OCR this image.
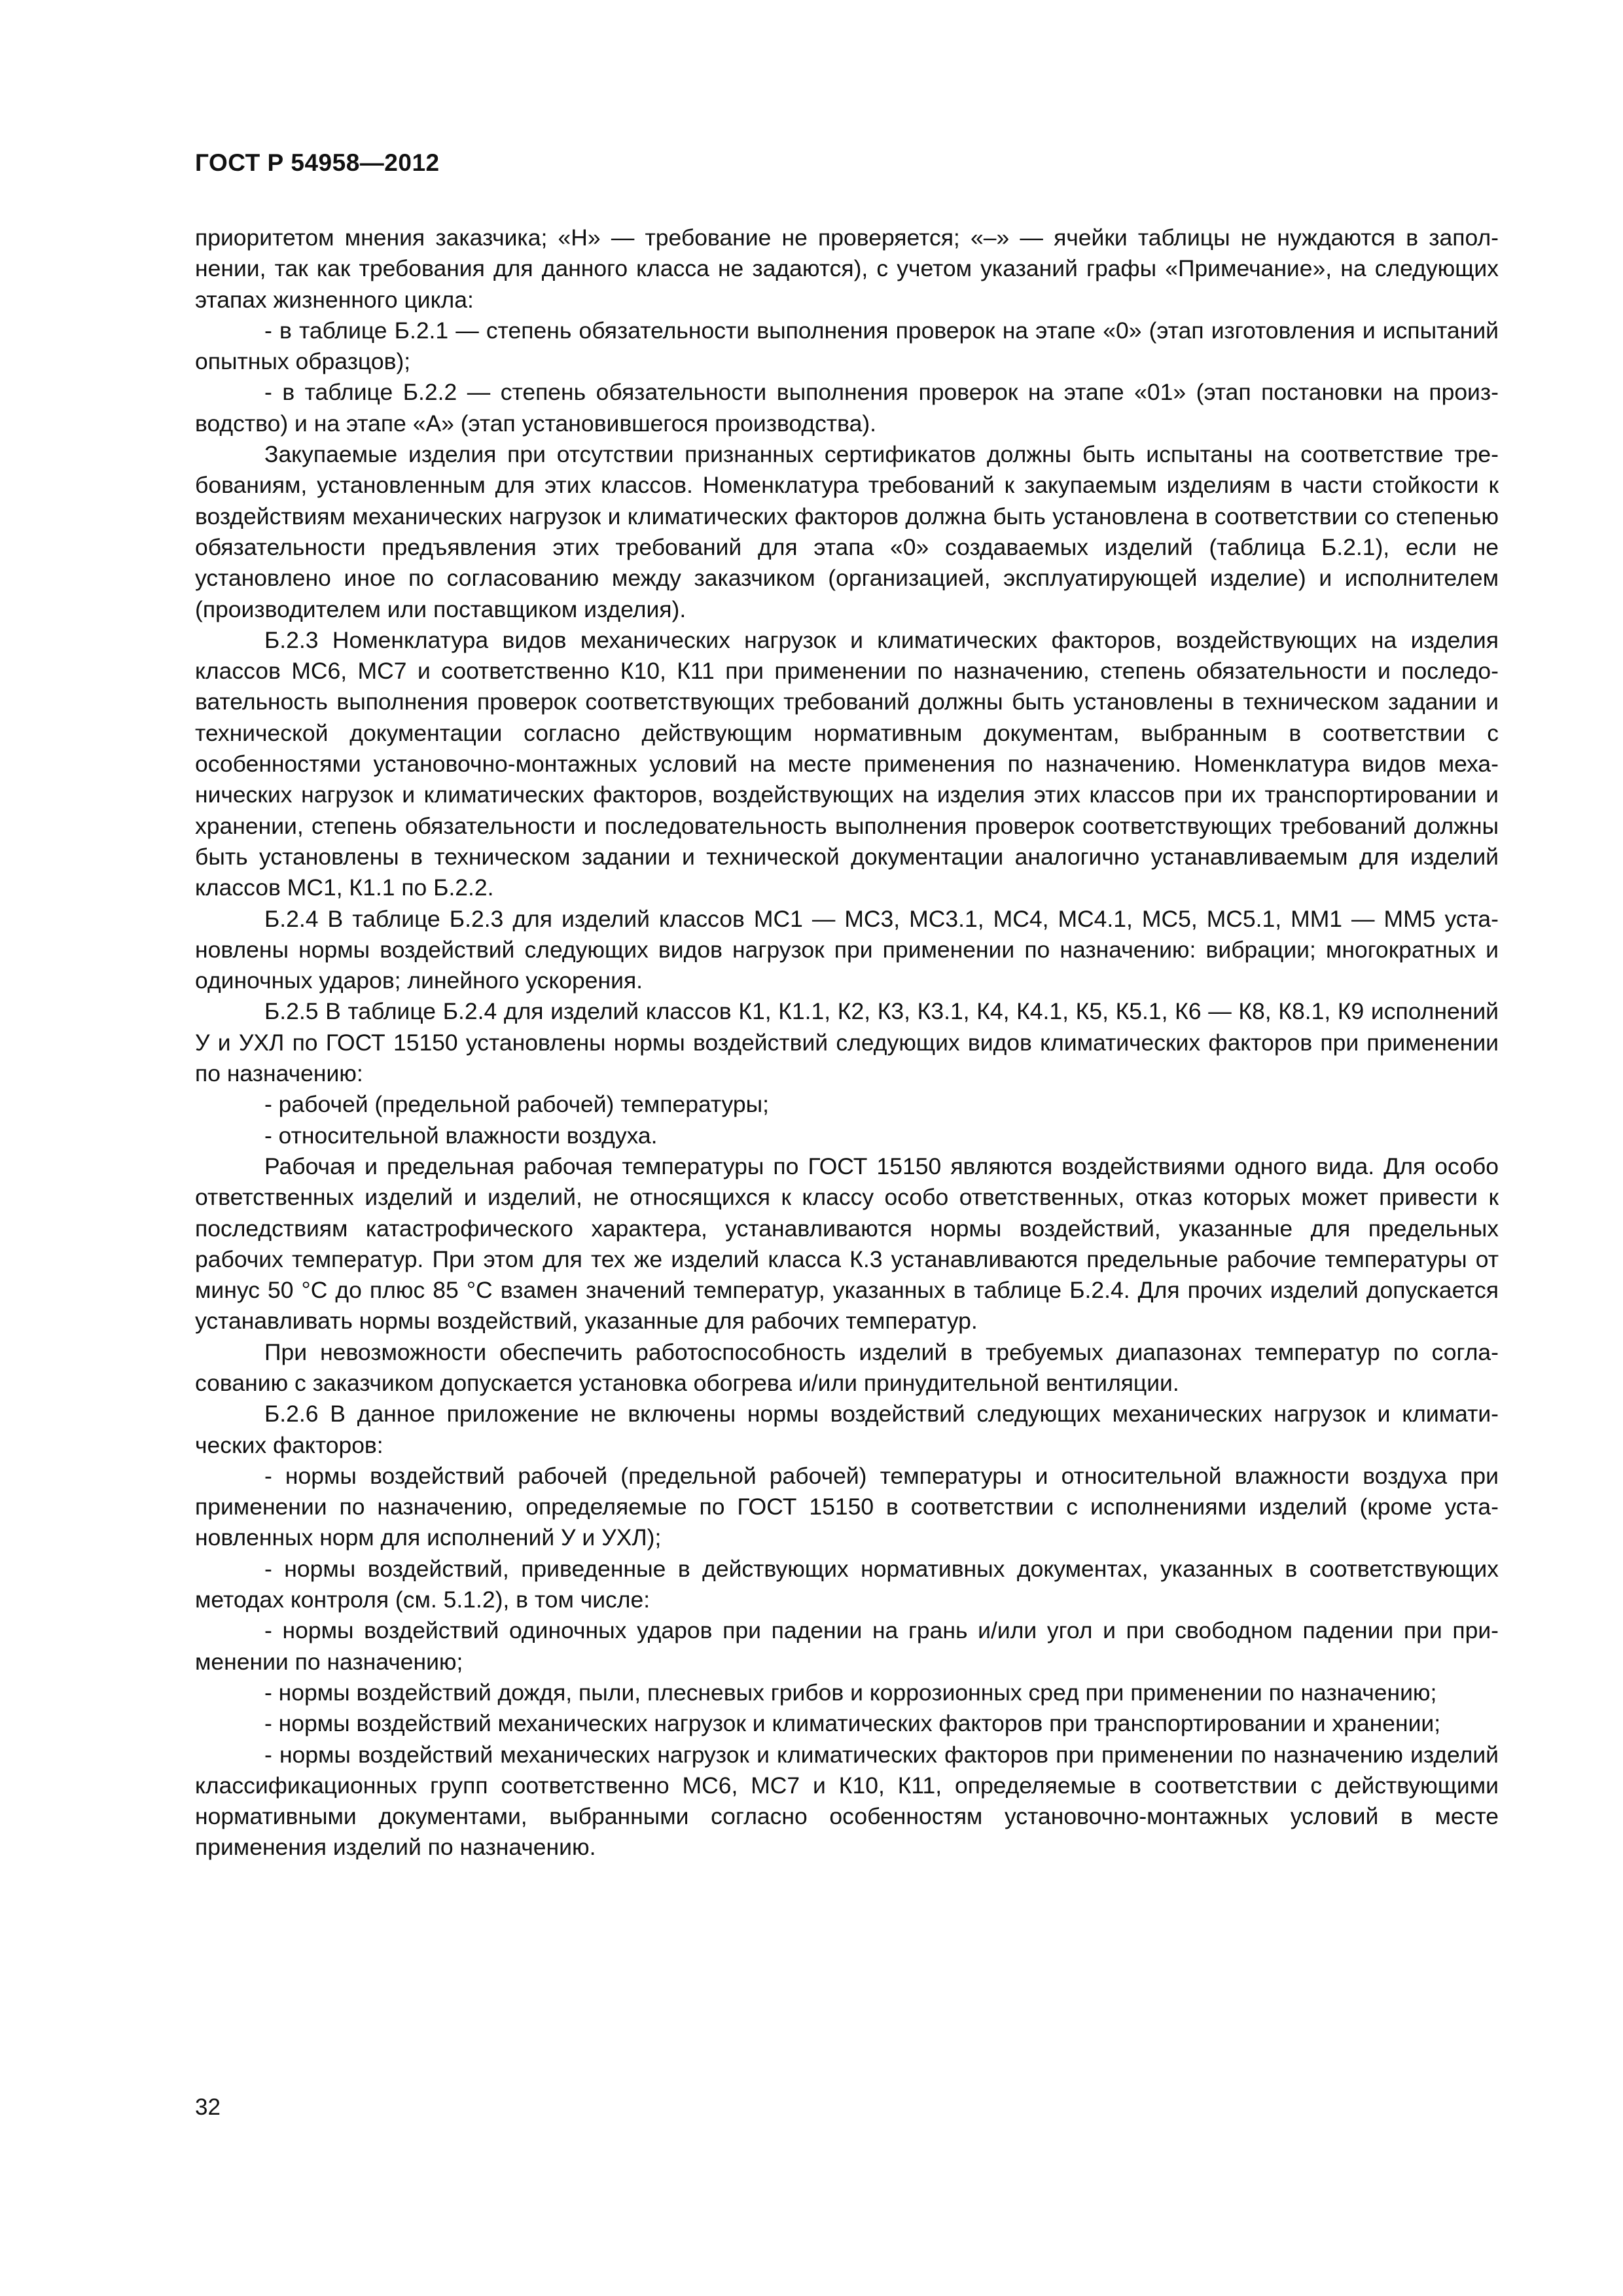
ГОСТ Р 54958—2012

приоритетом мнения заказчика; «Н» — требование не проверяется; «–» — ячейки таблицы не нуждаются в заполнении, так как требования для данного класса не задаются), с учетом указаний графы «Примечание», на следующих этапах жизненного цикла:

- в таблице Б.2.1 — степень обязательности выполнения проверок на этапе «0» (этап изготовления и испытаний опытных образцов);

- в таблице Б.2.2 — степень обязательности выполнения проверок на этапе «01» (этап постановки на производство) и на этапе «А» (этап установившегося производства).

Закупаемые изделия при отсутствии признанных сертификатов должны быть испытаны на соответствие требованиям, установленным для этих классов. Номенклатура требований к закупаемым изделиям в части стойкости к воздействиям механических нагрузок и климатических факторов должна быть установлена в соответствии со степенью обязательности предъявления этих требований для этапа «0» создаваемых изделий (таблица Б.2.1), если не установлено иное по согласованию между заказчиком (организацией, эксплуатирующей изделие) и исполнителем (производителем или поставщиком изделия).

Б.2.3 Номенклатура видов механических нагрузок и климатических факторов, воздействующих на изделия классов МС6, МС7 и соответственно К10, К11 при применении по назначению, степень обязательности и последовательность выполнения проверок соответствующих требований должны быть установлены в техническом задании и технической документации согласно действующим нормативным документам, выбранным в соответствии с особенностями установочно-монтажных условий на месте применения по назначению. Номенклатура видов механических нагрузок и климатических факторов, воздействующих на изделия этих классов при их транспортировании и хранении, степень обязательности и последовательность выполнения проверок соответствующих требований должны быть установлены в техническом задании и технической документации аналогично устанавливаемым для изделий классов МС1, К1.1 по Б.2.2.

Б.2.4 В таблице Б.2.3 для изделий классов МС1 — МС3, МС3.1, МС4, МС4.1, МС5, МС5.1, ММ1 — ММ5 установлены нормы воздействий следующих видов нагрузок при применении по назначению: вибрации; многократных и одиночных ударов; линейного ускорения.

Б.2.5 В таблице Б.2.4 для изделий классов К1, К1.1, К2, К3, К3.1, К4, К4.1, К5, К5.1, К6 — К8, К8.1, К9 исполнений У и УХЛ по ГОСТ 15150 установлены нормы воздействий следующих видов климатических факторов при применении по назначению:

- рабочей (предельной рабочей) температуры;

- относительной влажности воздуха.

Рабочая и предельная рабочая температуры по ГОСТ 15150 являются воздействиями одного вида. Для особо ответственных изделий и изделий, не относящихся к классу особо ответственных, отказ которых может привести к последствиям катастрофического характера, устанавливаются нормы воздействий, указанные для предельных рабочих температур. При этом для тех же изделий класса К.3 устанавливаются предельные рабочие температуры от минус 50 °С до плюс 85 °С взамен значений температур, указанных в таблице Б.2.4. Для прочих изделий допускается устанавливать нормы воздействий, указанные для рабочих температур.

При невозможности обеспечить работоспособность изделий в требуемых диапазонах температур по согласованию с заказчиком допускается установка обогрева и/или принудительной вентиляции.

Б.2.6 В данное приложение не включены нормы воздействий следующих механических нагрузок и климатических факторов:

- нормы воздействий рабочей (предельной рабочей) температуры и относительной влажности воздуха при применении по назначению, определяемые по ГОСТ 15150 в соответствии с исполнениями изделий (кроме установленных норм для исполнений У и УХЛ);

- нормы воздействий, приведенные в действующих нормативных документах, указанных в соответствующих методах контроля (см. 5.1.2), в том числе:

- нормы воздействий одиночных ударов при падении на грань и/или угол и при свободном падении при применении по назначению;

- нормы воздействий дождя, пыли, плесневых грибов и коррозионных сред при применении по назначению;

- нормы воздействий механических нагрузок и климатических факторов при транспортировании и хранении;

- нормы воздействий механических нагрузок и климатических факторов при применении по назначению изделий классификационных групп соответственно МС6, МС7 и К10, К11, определяемые в соответствии с действующими нормативными документами, выбранными согласно особенностям установочно-монтажных условий в месте применения изделий по назначению.

32
